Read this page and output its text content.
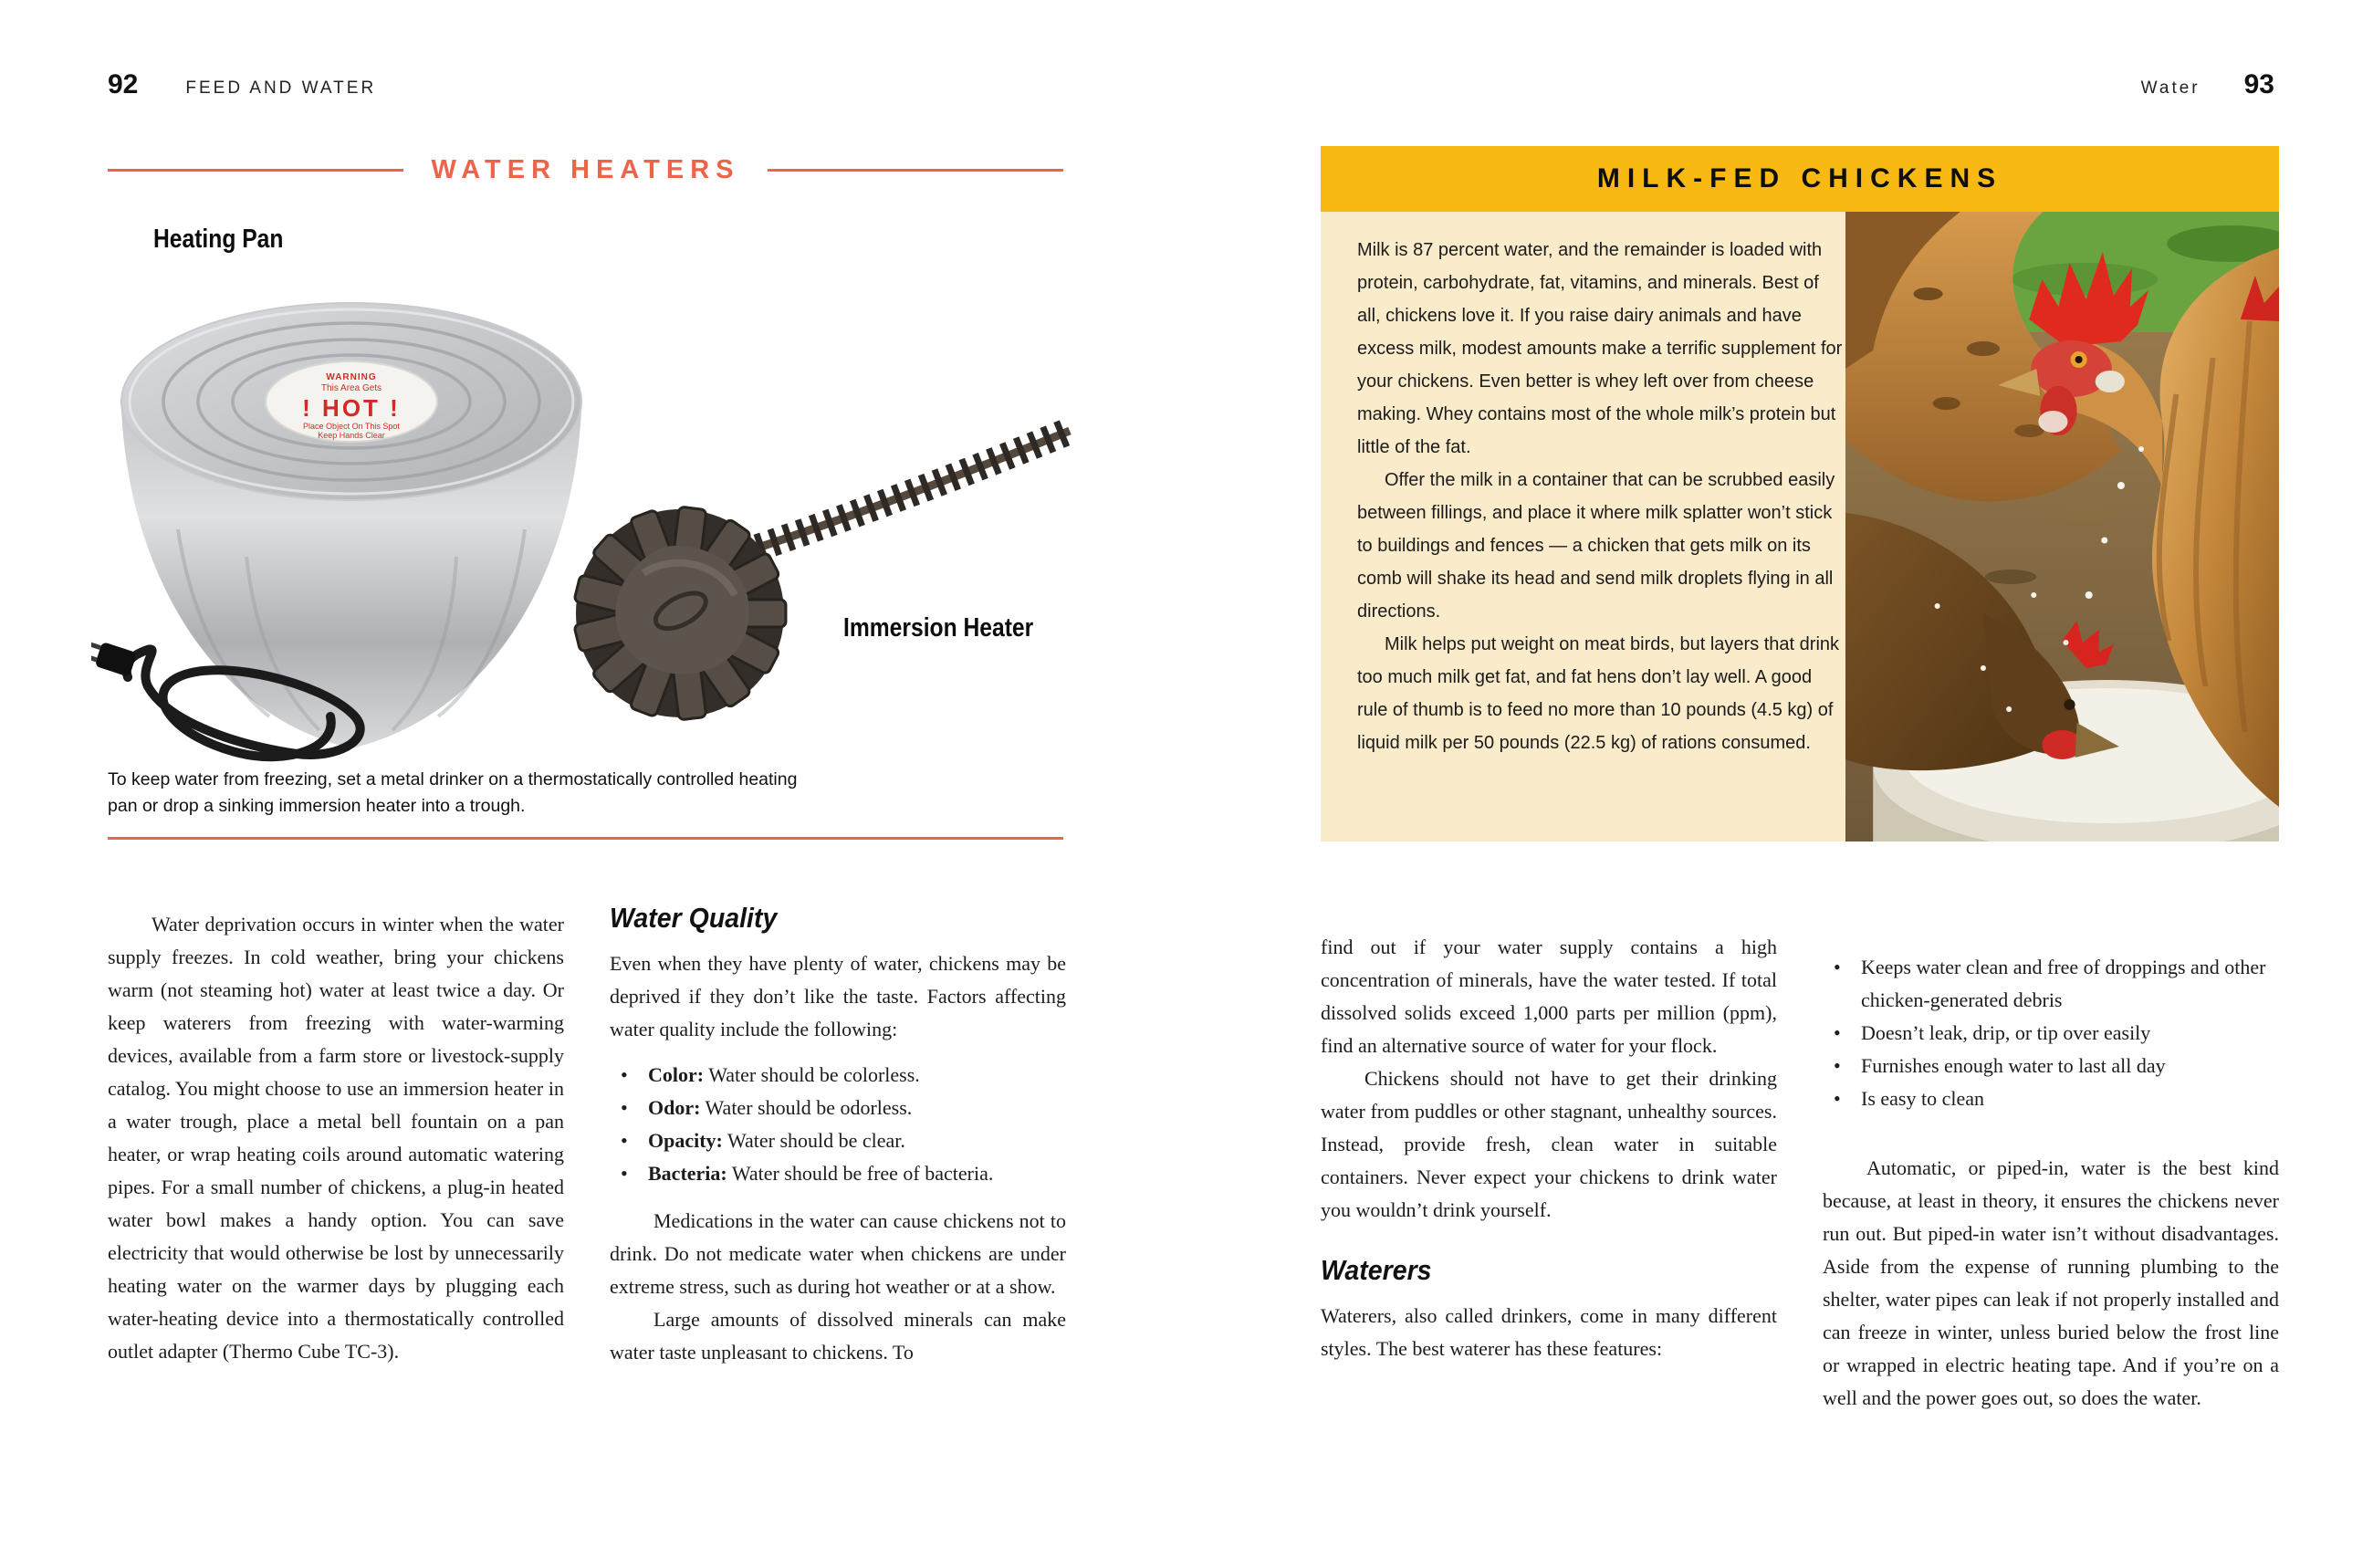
92	FEED AND WATER	Water 93
WATER HEATERS
Heating Pan
Immersion Heater
WARNING
This Area Gets
! HOT !
Place Object On This Spot
Keep Hands Clear

To keep water from freezing, set a metal drinker on a thermostatically controlled heating pan or drop a sinking immersion heater into a trough.

Water deprivation occurs in winter when the water supply freezes. In cold weather, bring your chickens warm (not steaming hot) water at least twice a day. Or keep waterers from freezing with water-warming devices, available from a farm store or livestock-supply catalog. You might choose to use an immersion heater in a water trough, place a metal bell fountain on a pan heater, or wrap heating coils around automatic watering pipes. For a small number of chickens, a plug-in heated water bowl makes a handy option. You can save electricity that would otherwise be lost by unnecessarily heating water on the warmer days by plugging each water-heating device into a thermostatically controlled outlet adapter (Thermo Cube TC-3).

Water Quality

Even when they have plenty of water, chickens may be deprived if they don’t like the taste. Factors affecting water quality include the following:

• Color: Water should be colorless.
• Odor: Water should be odorless.
• Opacity: Water should be clear.
• Bacteria: Water should be free of bacteria.

Medications in the water can cause chickens not to drink. Do not medicate water when chickens are under extreme stress, such as during hot weather or at a show.

Large amounts of dissolved minerals can make water taste unpleasant to chickens. To

MILK-FED CHICKENS

Milk is 87 percent water, and the remainder is loaded with protein, carbohydrate, fat, vitamins, and minerals. Best of all, chickens love it. If you raise dairy animals and have excess milk, modest amounts make a terrific supplement for your chickens. Even better is whey left over from cheese making. Whey contains most of the whole milk’s protein but little of the fat.

Offer the milk in a container that can be scrubbed easily between fillings, and place it where milk splatter won’t stick to buildings and fences — a chicken that gets milk on its comb will shake its head and send milk droplets flying in all directions.

Milk helps put weight on meat birds, but layers that drink too much milk get fat, and fat hens don’t lay well. A good rule of thumb is to feed no more than 10 pounds (4.5 kg) of liquid milk per 50 pounds (22.5 kg) of rations consumed.

find out if your water supply contains a high concentration of minerals, have the water tested. If total dissolved solids exceed 1,000 parts per million (ppm), find an alternative source of water for your flock.

Chickens should not have to get their drinking water from puddles or other stagnant, unhealthy sources. Instead, provide fresh, clean water in suitable containers. Never expect your chickens to drink water you wouldn’t drink yourself.

Waterers

Waterers, also called drinkers, come in many different styles. The best waterer has these features:

• Keeps water clean and free of droppings and other chicken-generated debris
• Doesn’t leak, drip, or tip over easily
• Furnishes enough water to last all day
• Is easy to clean

Automatic, or piped-in, water is the best kind because, at least in theory, it ensures the chickens never run out. But piped-in water isn’t without disadvantages. Aside from the expense of running plumbing to the shelter, water pipes can leak if not properly installed and can freeze in winter, unless buried below the frost line or wrapped in electric heating tape. And if you’re on a well and the power goes out, so does the water.
